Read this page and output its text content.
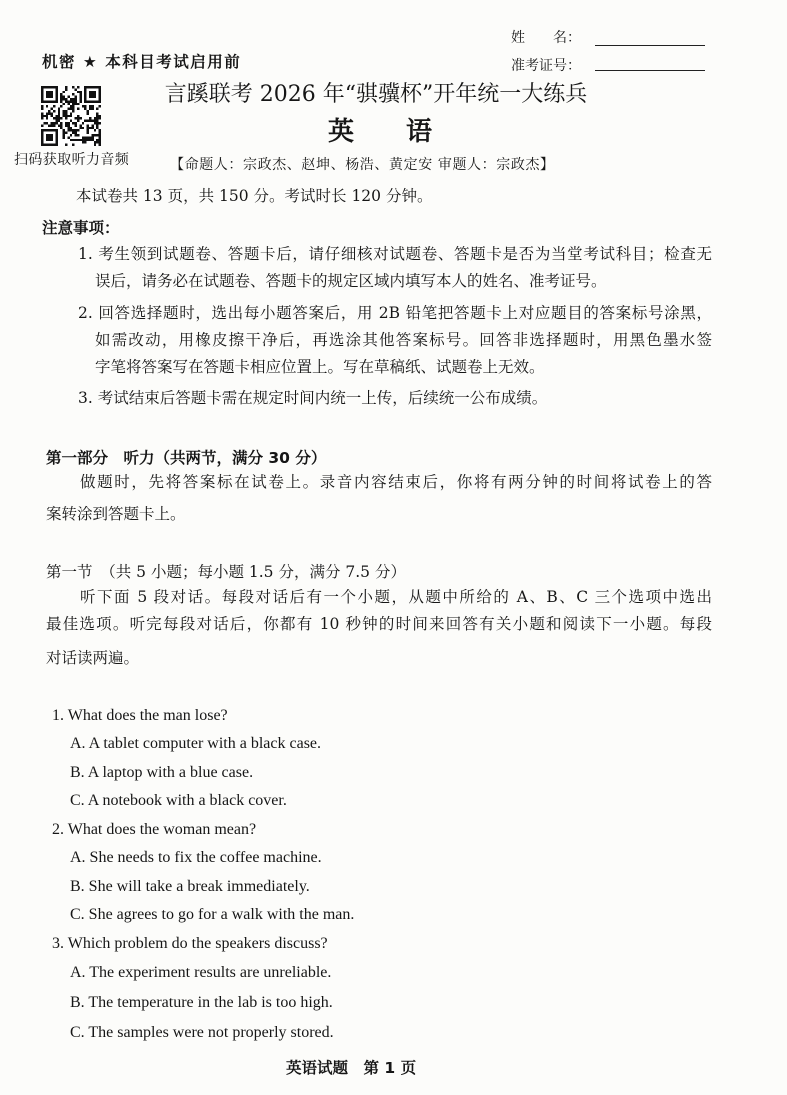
姓　　名：
准考证号：
机密 ★ 本科目考试启用前
扫码获取听力音频
言蹊联考 2026 年“骐骥杯”开年统一大练兵
英　　语
【命题人：宗政杰、赵坤、杨浩、黄定安 审题人：宗政杰】
本试卷共 13 页，共 150 分。考试时长 120 分钟。
注意事项：
1. 考生领到试题卷、答题卡后，请仔细核对试题卷、答题卡是否为当堂考试科目；检查无
误后，请务必在试题卷、答题卡的规定区域内填写本人的姓名、准考证号。
2. 回答选择题时，选出每小题答案后，用 2B 铅笔把答题卡上对应题目的答案标号涂黑，
如需改动，用橡皮擦干净后，再选涂其他答案标号。回答非选择题时，用黑色墨水签
字笔将答案写在答题卡相应位置上。写在草稿纸、试题卷上无效。
3. 考试结束后答题卡需在规定时间内统一上传，后续统一公布成绩。
第一部分　听力（共两节，满分 30 分）
做题时，先将答案标在试卷上。录音内容结束后，你将有两分钟的时间将试卷上的答
案转涂到答题卡上。
第一节　（共 5 小题；每小题 1.5 分，满分 7.5 分）
听下面 5 段对话。每段对话后有一个小题，从题中所给的 A、B、C 三个选项中选出
最佳选项。听完每段对话后，你都有 10 秒钟的时间来回答有关小题和阅读下一小题。每段
对话读两遍。
1. What does the man lose?
A. A tablet computer with a black case.
B. A laptop with a blue case.
C. A notebook with a black cover.
2. What does the woman mean?
A. She needs to fix the coffee machine.
B. She will take a break immediately.
C. She agrees to go for a walk with the man.
3. Which problem do the speakers discuss?
A. The experiment results are unreliable.
B. The temperature in the lab is too high.
C. The samples were not properly stored.
英语试题　第 1 页
